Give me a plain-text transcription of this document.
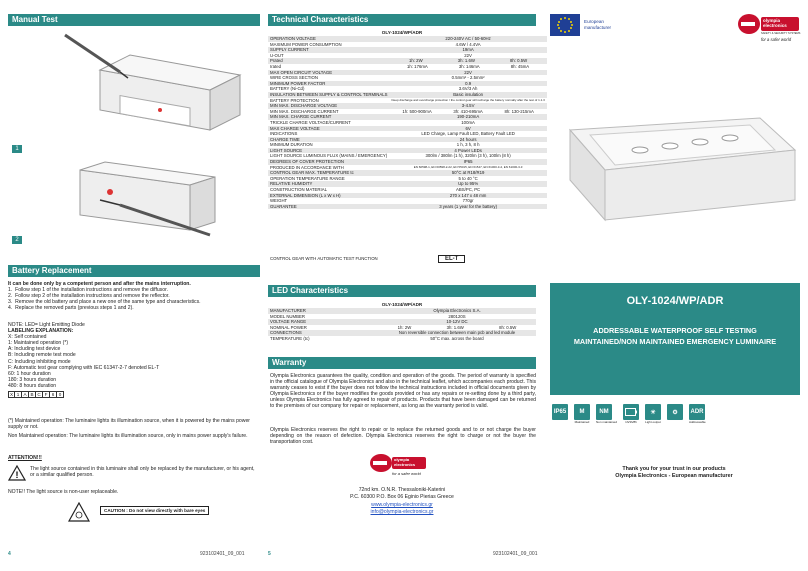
Manual Test
1
2
Battery Replacement
It can be done only by a competent person and after the mains interruption.
1.  Follow step 1 of the installation instructions and remove the diffusor.
2.  Follow step 2 of the installation instructions and remove the reflector.
3.  Remove the old battery and place a new one of the same type and characteristics.
4.  Replace the removed parts (previous steps 1 and 2).
NOTE: LED= Light Emitting Diode
LABELING EXPLANATION:
X: Self contained
1: Maintained operation (*)
A: Including test device
B: Including remote test mode
C: Including inhibiting mode
F: Automatic test gear complying with IEC 61347-2-7 denoted EL-T
60: 1 hour duration
180: 3 hours duration
480: 8 hours duration
X 1 A B C F 6 0
(*) Maintained operation: The luminaire lights its illumination source, when it is powered by the mains power supply or not.
Non Maintained operation: The luminaire lights its illumination source, only in mains power supply's failure.
ATTENTION!!!
!
The light source contained in this luminaire shall only be replaced by the manufacturer, or his agent, or a similar qualified person.
NOTE!! The light source is non-user replaceable.
CAUTION : Do not view directly with bare eyes
4	923102401_09_001
Technical Characteristics
OLY-1024/WP/ADR
OPERATION VOLTAGE	220-240V AC / 50-60Hz
MAXIMUM POWER CONSUMPTION	4.6W / 4.4VA
SUPPLY CURRENT	19mA
U-OUT	22V
Prated		1h: 2W	3h: 1.6W	8h: 0.5W

Irated		1h: 176mA	3h: 146mA	8h: 45mA

MAX OPEN CIRCUIT VOLTAGE	22V
WIRE CROSS SECTION	0.5mm² - 2.5mm²
MINIMUM POWER FACTOR	0.9
BATTERY (Ni-Cd)	3.6V/3 Ah
INSULATION BETWEEN SUPPLY & CONTROL TERMINALS	Basic insulation
BATTERY PROTECTION	Deep discharge and overcharge protection / the control gear will recharge the battery normally after the test of 1.1.3
MIN MAX. DISCHARGE VOLTAGE	3-4.5V
MIN MAX. DISCHARGE CURRENT		1h: 500-900mA	3h: 410-695mA	8h: 130-215mA

MIN MAX. CHARGE CURRENT	190-210mA
TRICKLE CHARGE VOLTAGE/CURRENT	100mA
MAX CHARGE VOLTAGE	6V
INDICATIONS	LED Charge, Lamp Fault LED, Battery Fault LED
CHARGE TIME	24 hours
MINIMUM DURATION	1 h, 3 h, 8 h
LIGHT SOURCE	4 Power LEDs
LIGHT SOURCE LUMINOUS FLUX (MAINS / EMERGENCY)	300lm / 380lm (1 h), 320lm (3 h), 100lm (8 h)
DEGREES OF COVER PROTECTION	IP65
PRODUCED IN ACCORDANCE WITH	EN 60598-1, EN 60598-2-22, EN 55015, EN 61547, EN 61000-3-2, EN 61000-3-3
CONTROL GEAR MAX. TEMPERATURE tc	50°C at R18/R19
OPERATION TEMPERATURE RANGE	5 to 40 °C
RELATIVE HUMIDITY	Up to 95%
CONSTRUCTION MATERIAL	ABS/PC, PC
EXTERNAL DIMENSION (L x W x H)	270 x 147 x 48 mm
WEIGHT	770gr
GUARANTEE	3 years (1 year for the battery)
CONTROL GEAR WITH AUTOMATIC TEST FUNCTION	EL-T
LED Characteristics
OLY-1024/WP/ADR
MANUFACTURER	Olympia Electronics S.A.
MODEL NUMBER	280120S
VOLTAGE RANGE	10-12V DC
NOMINAL POWER		1h: 2W	3h: 1.6W	8h: 0.5W

CONNECTIONS	Non reversible connection between main pcb and led module
TEMPERATURE (tc)	50°C max. across the board
Warranty
Olympia Electronics guarantees the quality, condition and operation of the goods. The period of warranty is specified in the official catalogue of Olympia Electronics and also in the technical leaflet, which accompanies each product. This warranty ceases to exist if the buyer does not follow the technical instructions included in official documents given by Olympia Electronics or if the buyer modifies the goods provided or has any repairs or re-setting done by a third party, unless Olympia Electronics has fully agreed to repair of products. Products that have been damaged can be returned to the premises of our company for repair or replacement, as long as the warranty period is valid.
Olympia Electronics reserves the right to repair or to replace the returned goods and to or not charge the buyer depending on the reason of defection. Olympia Electronics reserves the right to charge or not the buyer the transportation cost.
olympia electronics
for a safer world
72nd km. O.N.R. Thessaloniki-Katerini
P.C. 60300 P.O. Box 06 Eginio Pierias Greece
www.olympia-electronics.gr
info@olympia-electronics.gr
5	923102401_09_001
European
manufacturer
olympia electronics
SAFETY & SECURITY SYSTEMS
for a safer world
OLY-1024/WP/ADR
ADDRESSABLE WATERPROOF SELF TESTING MAINTAINED/NON MAINTAINED EMERGENCY LUMINAIRE
IP65	M
Maintained
NM
Non maintained	1h/3h/8h
☀
Light output
⚙	ADR
Addressable
Thank you for your trust in our products
Olympia Electronics - European manufacturer
